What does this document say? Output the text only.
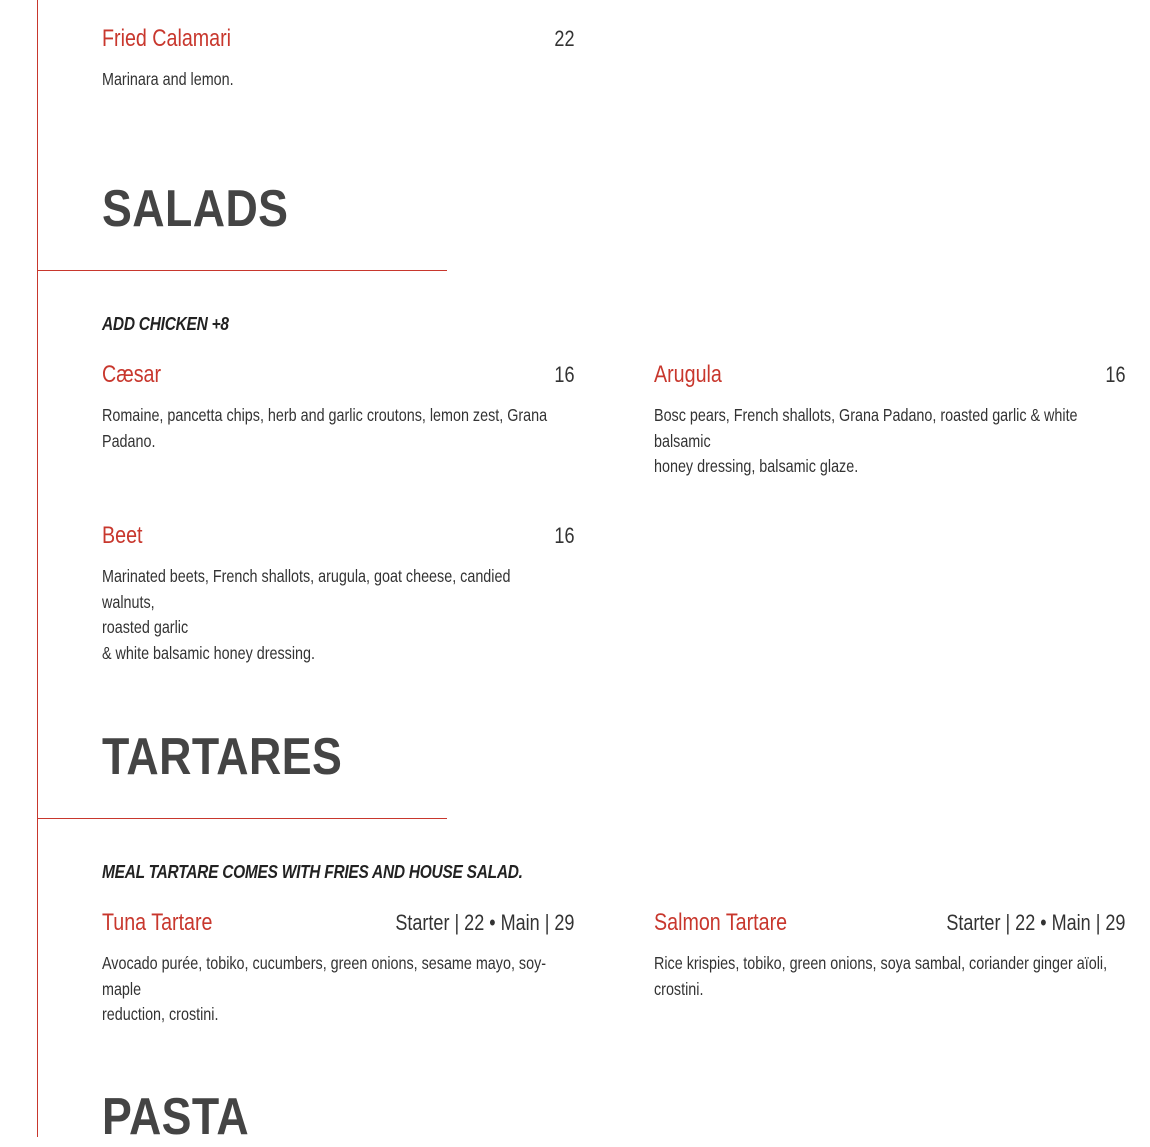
Fried Calamari	22
Marinara and lemon.
SALADS
ADD CHICKEN +8
Cæsar	16
Romaine, pancetta chips, herb and garlic croutons, lemon zest, Grana
Padano.
Arugula	16
Bosc pears, French shallots, Grana Padano, roasted garlic & white balsamic
honey dressing, balsamic glaze.
Beet	16
Marinated beets, French shallots, arugula, goat cheese, candied walnuts,
roasted garlic
& white balsamic honey dressing.
TARTARES
MEAL TARTARE COMES WITH FRIES AND HOUSE SALAD.
Tuna Tartare	Starter | 22 • Main | 29
Avocado purée, tobiko, cucumbers, green onions, sesame mayo, soy-maple
reduction, crostini.
Salmon Tartare	Starter | 22 • Main | 29
Rice krispies, tobiko, green onions, soya sambal, coriander ginger aïoli,
crostini.
PASTA
